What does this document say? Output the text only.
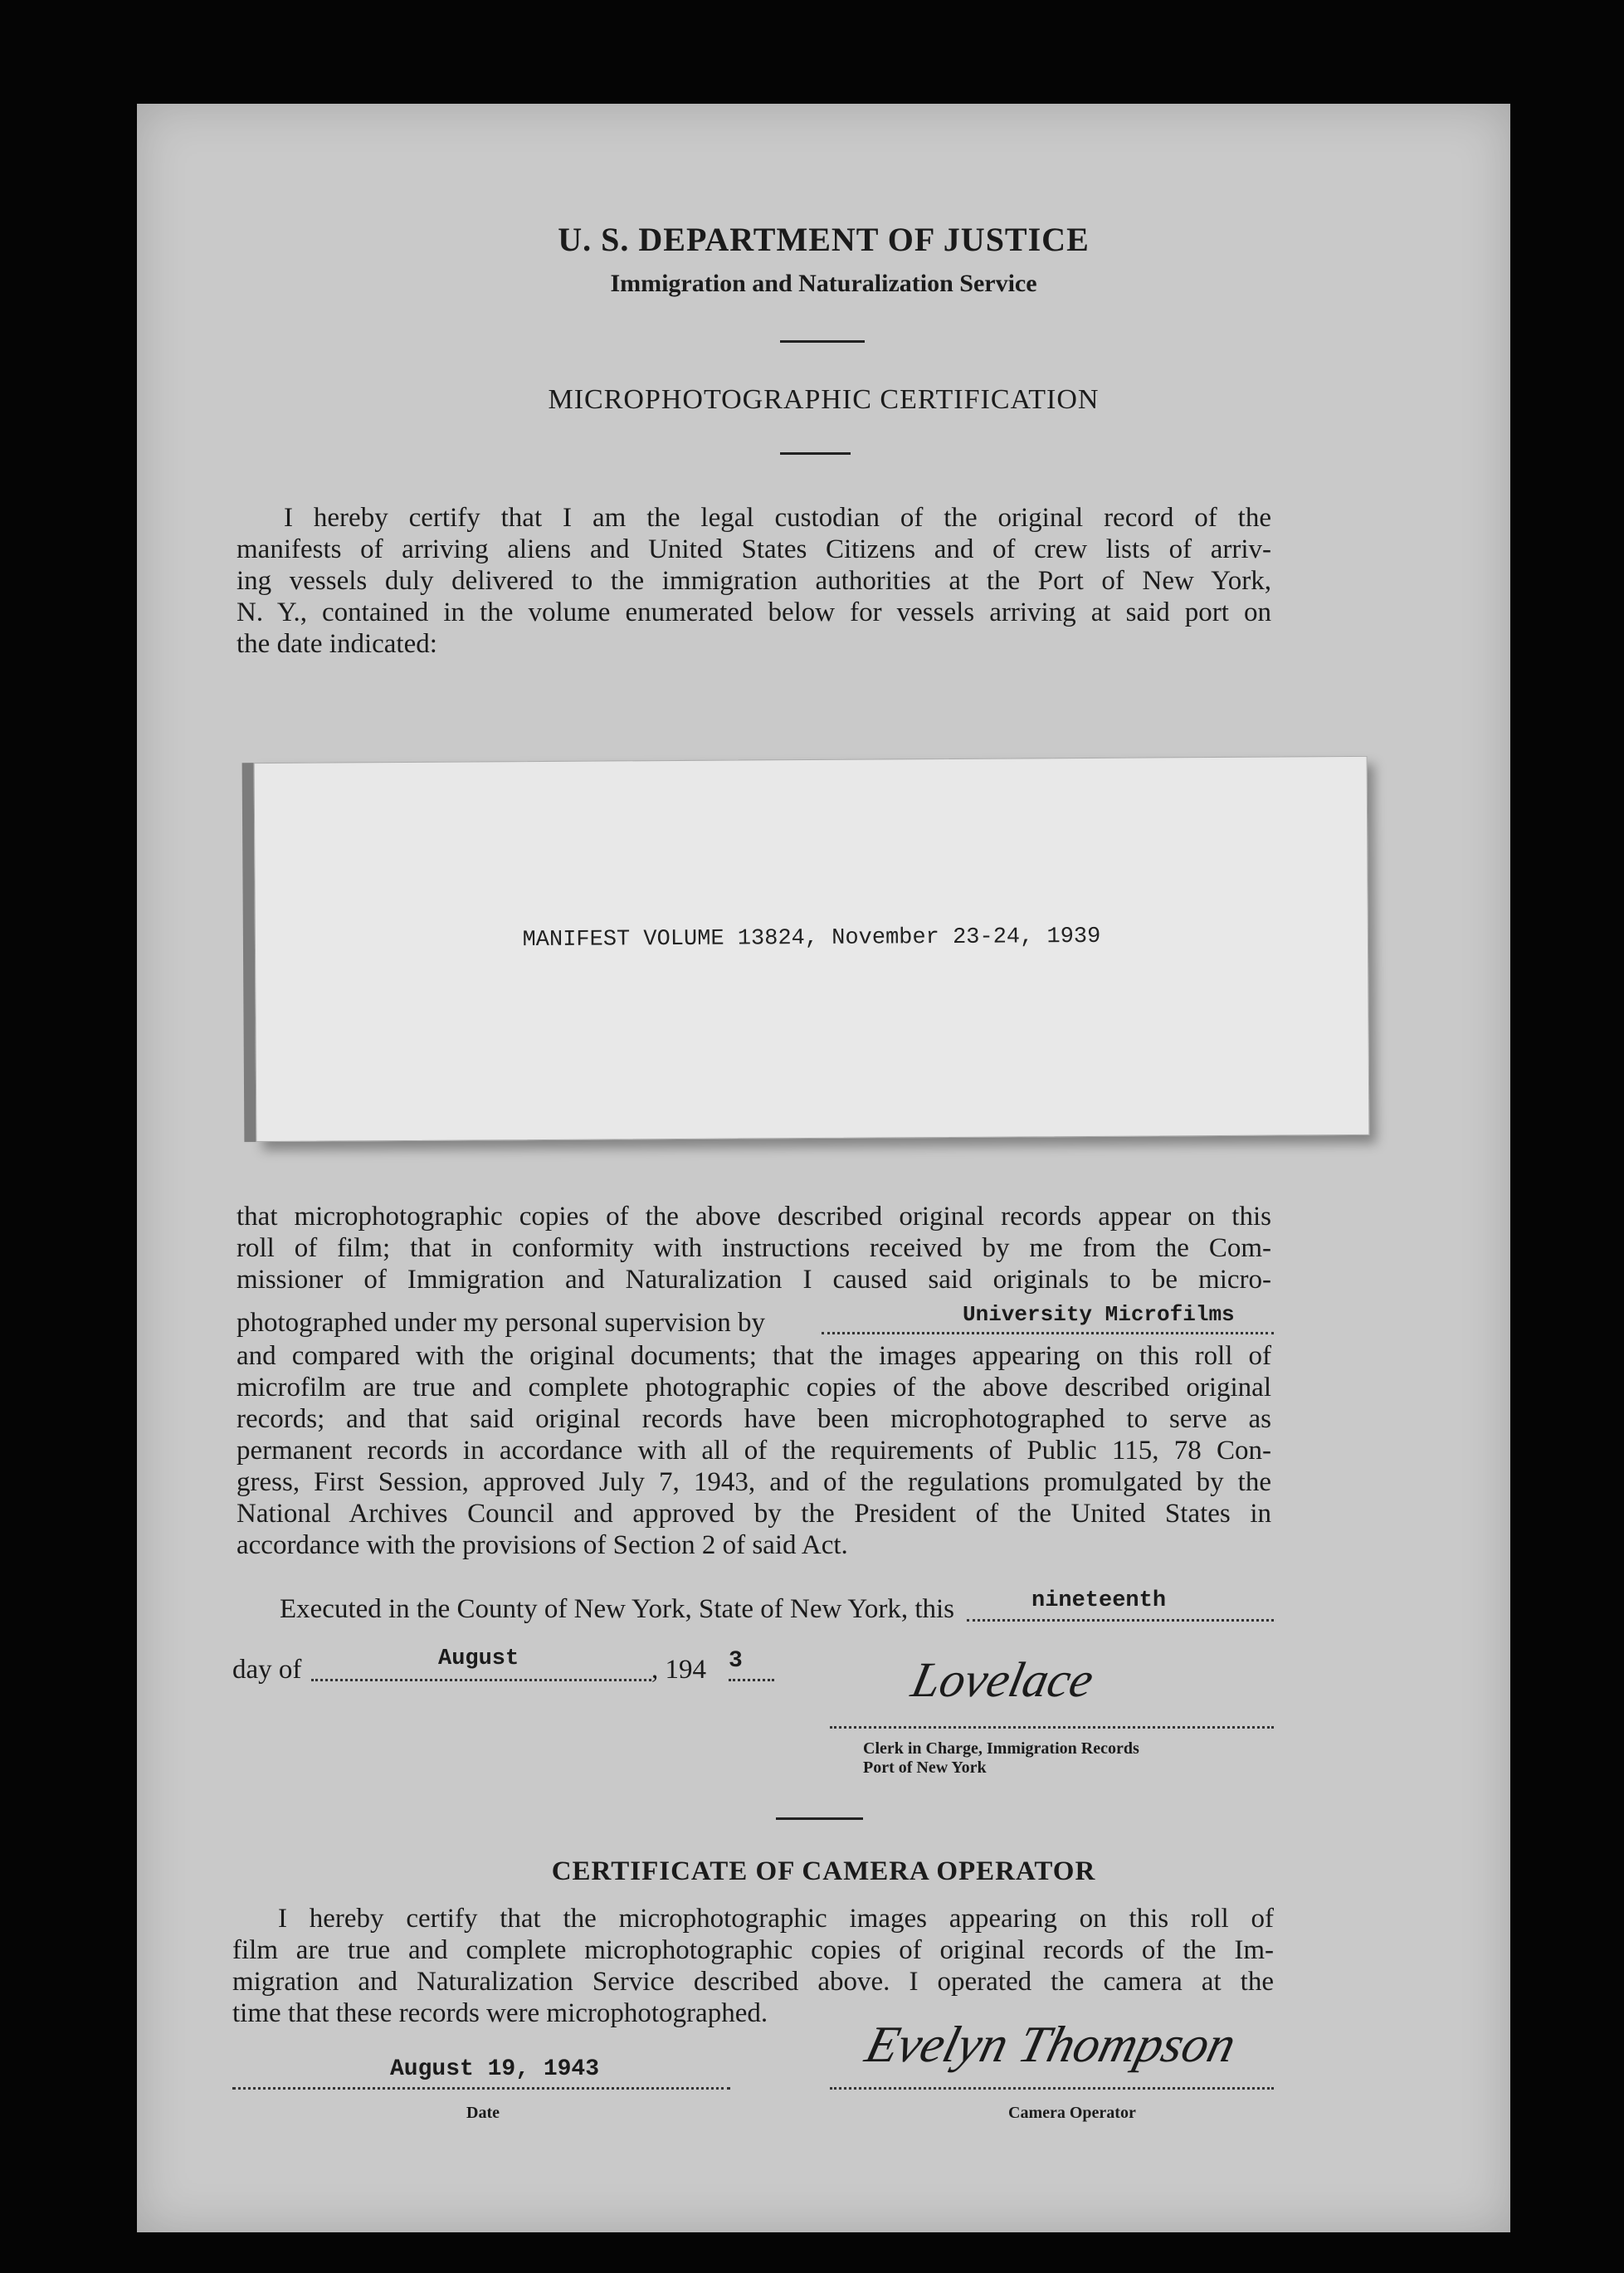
U. S. DEPARTMENT OF JUSTICE
Immigration and Naturalization Service
MICROPHOTOGRAPHIC CERTIFICATION
I hereby certify that I am the legal custodian of the original record of the
manifests of arriving aliens and United States Citizens and of crew lists of arriv-
ing vessels duly delivered to the immigration authorities at the Port of New York,
N. Y., contained in the volume enumerated below for vessels arriving at said port on
the date indicated:
MANIFEST VOLUME 13824, November 23-24, 1939
that microphotographic copies of the above described original records appear on this
roll of film; that in conformity with instructions received by me from the Com-
missioner of Immigration and Naturalization I caused said originals to be micro-
photographed under my personal supervision by	University Microfilms
and compared with the original documents; that the images appearing on this roll of
microfilm are true and complete photographic copies of the above described original
records; and that said original records have been microphotographed to serve as
permanent records in accordance with all of the requirements of Public 115, 78 Con-
gress, First Session, approved July 7, 1943, and of the regulations promulgated by the
National Archives Council and approved by the President of the United States in
accordance with the provisions of Section 2 of said Act.
Executed in the County of New York, State of New York, this	nineteenth
day of	August	, 194 3	Lovelace
Clerk in Charge, Immigration Records
Port of New York
CERTIFICATE OF CAMERA OPERATOR
I hereby certify that the microphotographic images appearing on this roll of
film are true and complete microphotographic copies of original records of the Im-
migration and Naturalization Service described above. I operated the camera at the
time that these records were microphotographed.
August 19, 1943
Date
Evelyn Thompson
Camera Operator
